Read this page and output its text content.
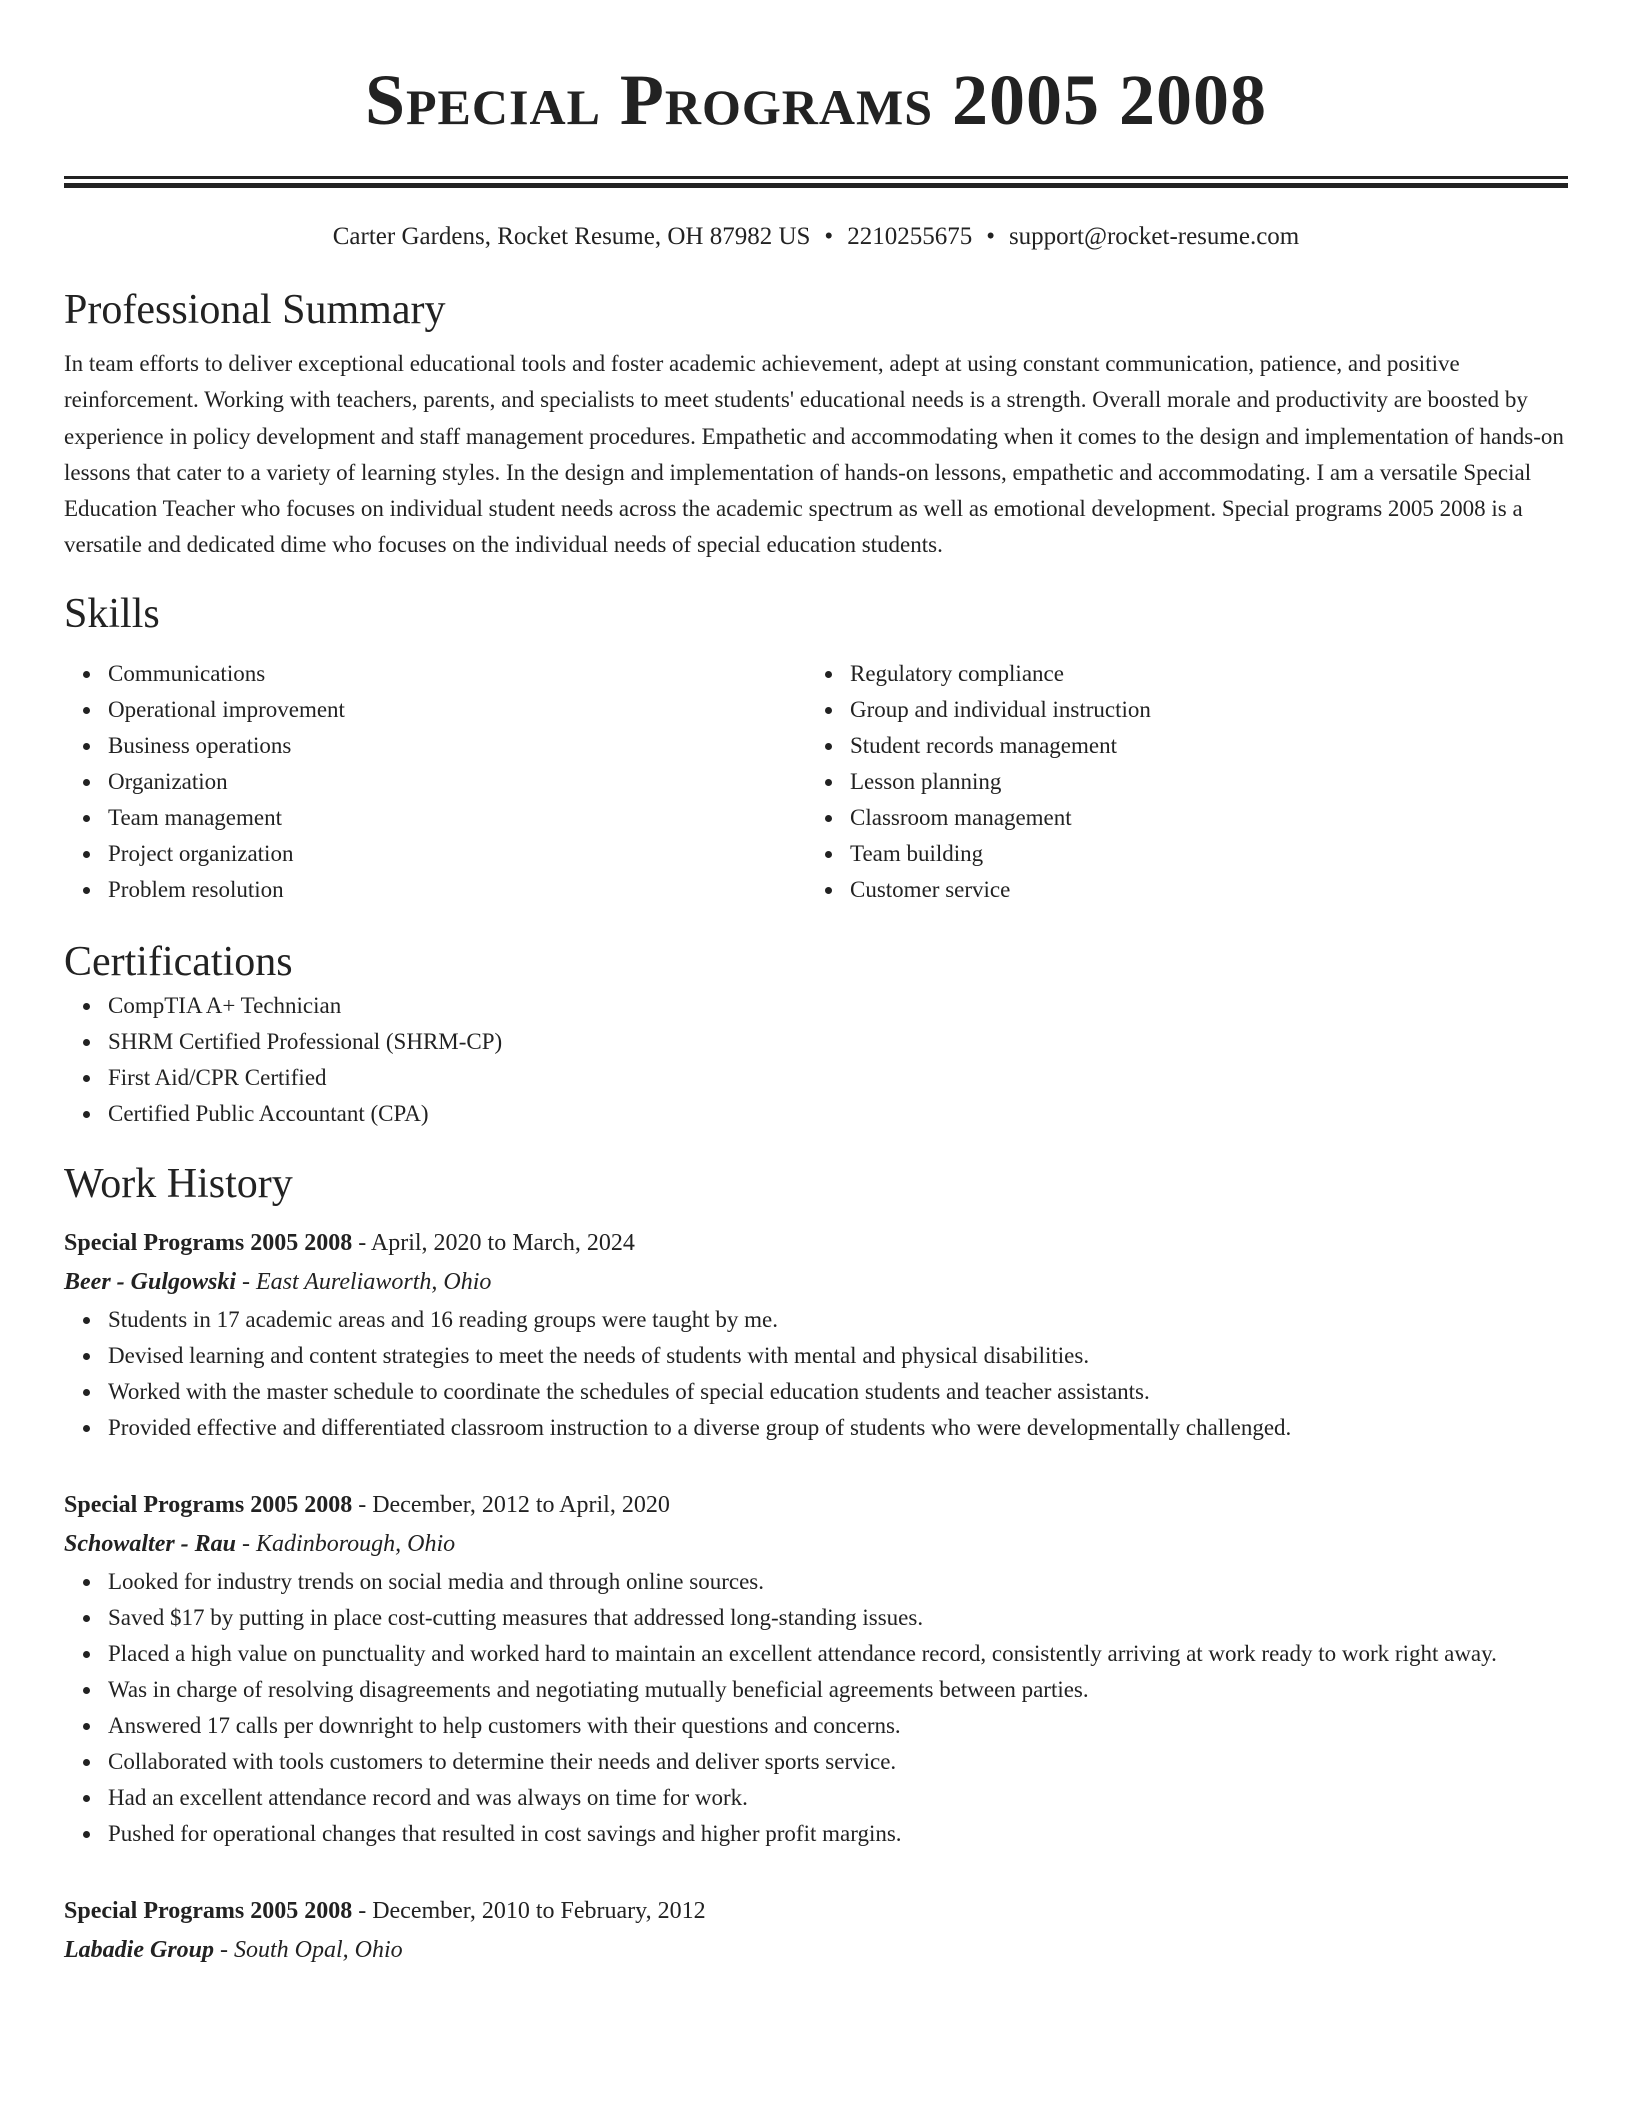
Special Programs 2005 2008
Carter Gardens, Rocket Resume, OH 87982 US • 2210255675 • support@rocket-resume.com
Professional Summary

In team efforts to deliver exceptional educational tools and foster academic achievement, adept at using constant communication, patience, and positive reinforcement. Working with teachers, parents, and specialists to meet students' educational needs is a strength. Overall morale and productivity are boosted by experience in policy development and staff management procedures. Empathetic and accommodating when it comes to the design and implementation of hands-on lessons that cater to a variety of learning styles. In the design and implementation of hands-on lessons, empathetic and accommodating. I am a versatile Special Education Teacher who focuses on individual student needs across the academic spectrum as well as emotional development. Special programs 2005 2008 is a versatile and dedicated dime who focuses on the individual needs of special education students.

Skills
Communications
Operational improvement
Business operations
Organization
Team management
Project organization
Problem resolution
Regulatory compliance
Group and individual instruction
Student records management
Lesson planning
Classroom management
Team building
Customer service
Certifications
CompTIA A+ Technician
SHRM Certified Professional (SHRM-CP)
First Aid/CPR Certified
Certified Public Accountant (CPA)
Work History
Special Programs 2005 2008 - April, 2020 to March, 2024
Beer - Gulgowski - East Aureliaworth, Ohio
Students in 17 academic areas and 16 reading groups were taught by me.
Devised learning and content strategies to meet the needs of students with mental and physical disabilities.
Worked with the master schedule to coordinate the schedules of special education students and teacher assistants.
Provided effective and differentiated classroom instruction to a diverse group of students who were developmentally challenged.
Special Programs 2005 2008 - December, 2012 to April, 2020
Schowalter - Rau - Kadinborough, Ohio
Looked for industry trends on social media and through online sources.
Saved $17 by putting in place cost-cutting measures that addressed long-standing issues.
Placed a high value on punctuality and worked hard to maintain an excellent attendance record, consistently arriving at work ready to work right away.
Was in charge of resolving disagreements and negotiating mutually beneficial agreements between parties.
Answered 17 calls per downright to help customers with their questions and concerns.
Collaborated with tools customers to determine their needs and deliver sports service.
Had an excellent attendance record and was always on time for work.
Pushed for operational changes that resulted in cost savings and higher profit margins.
Special Programs 2005 2008 - December, 2010 to February, 2012
Labadie Group - South Opal, Ohio
